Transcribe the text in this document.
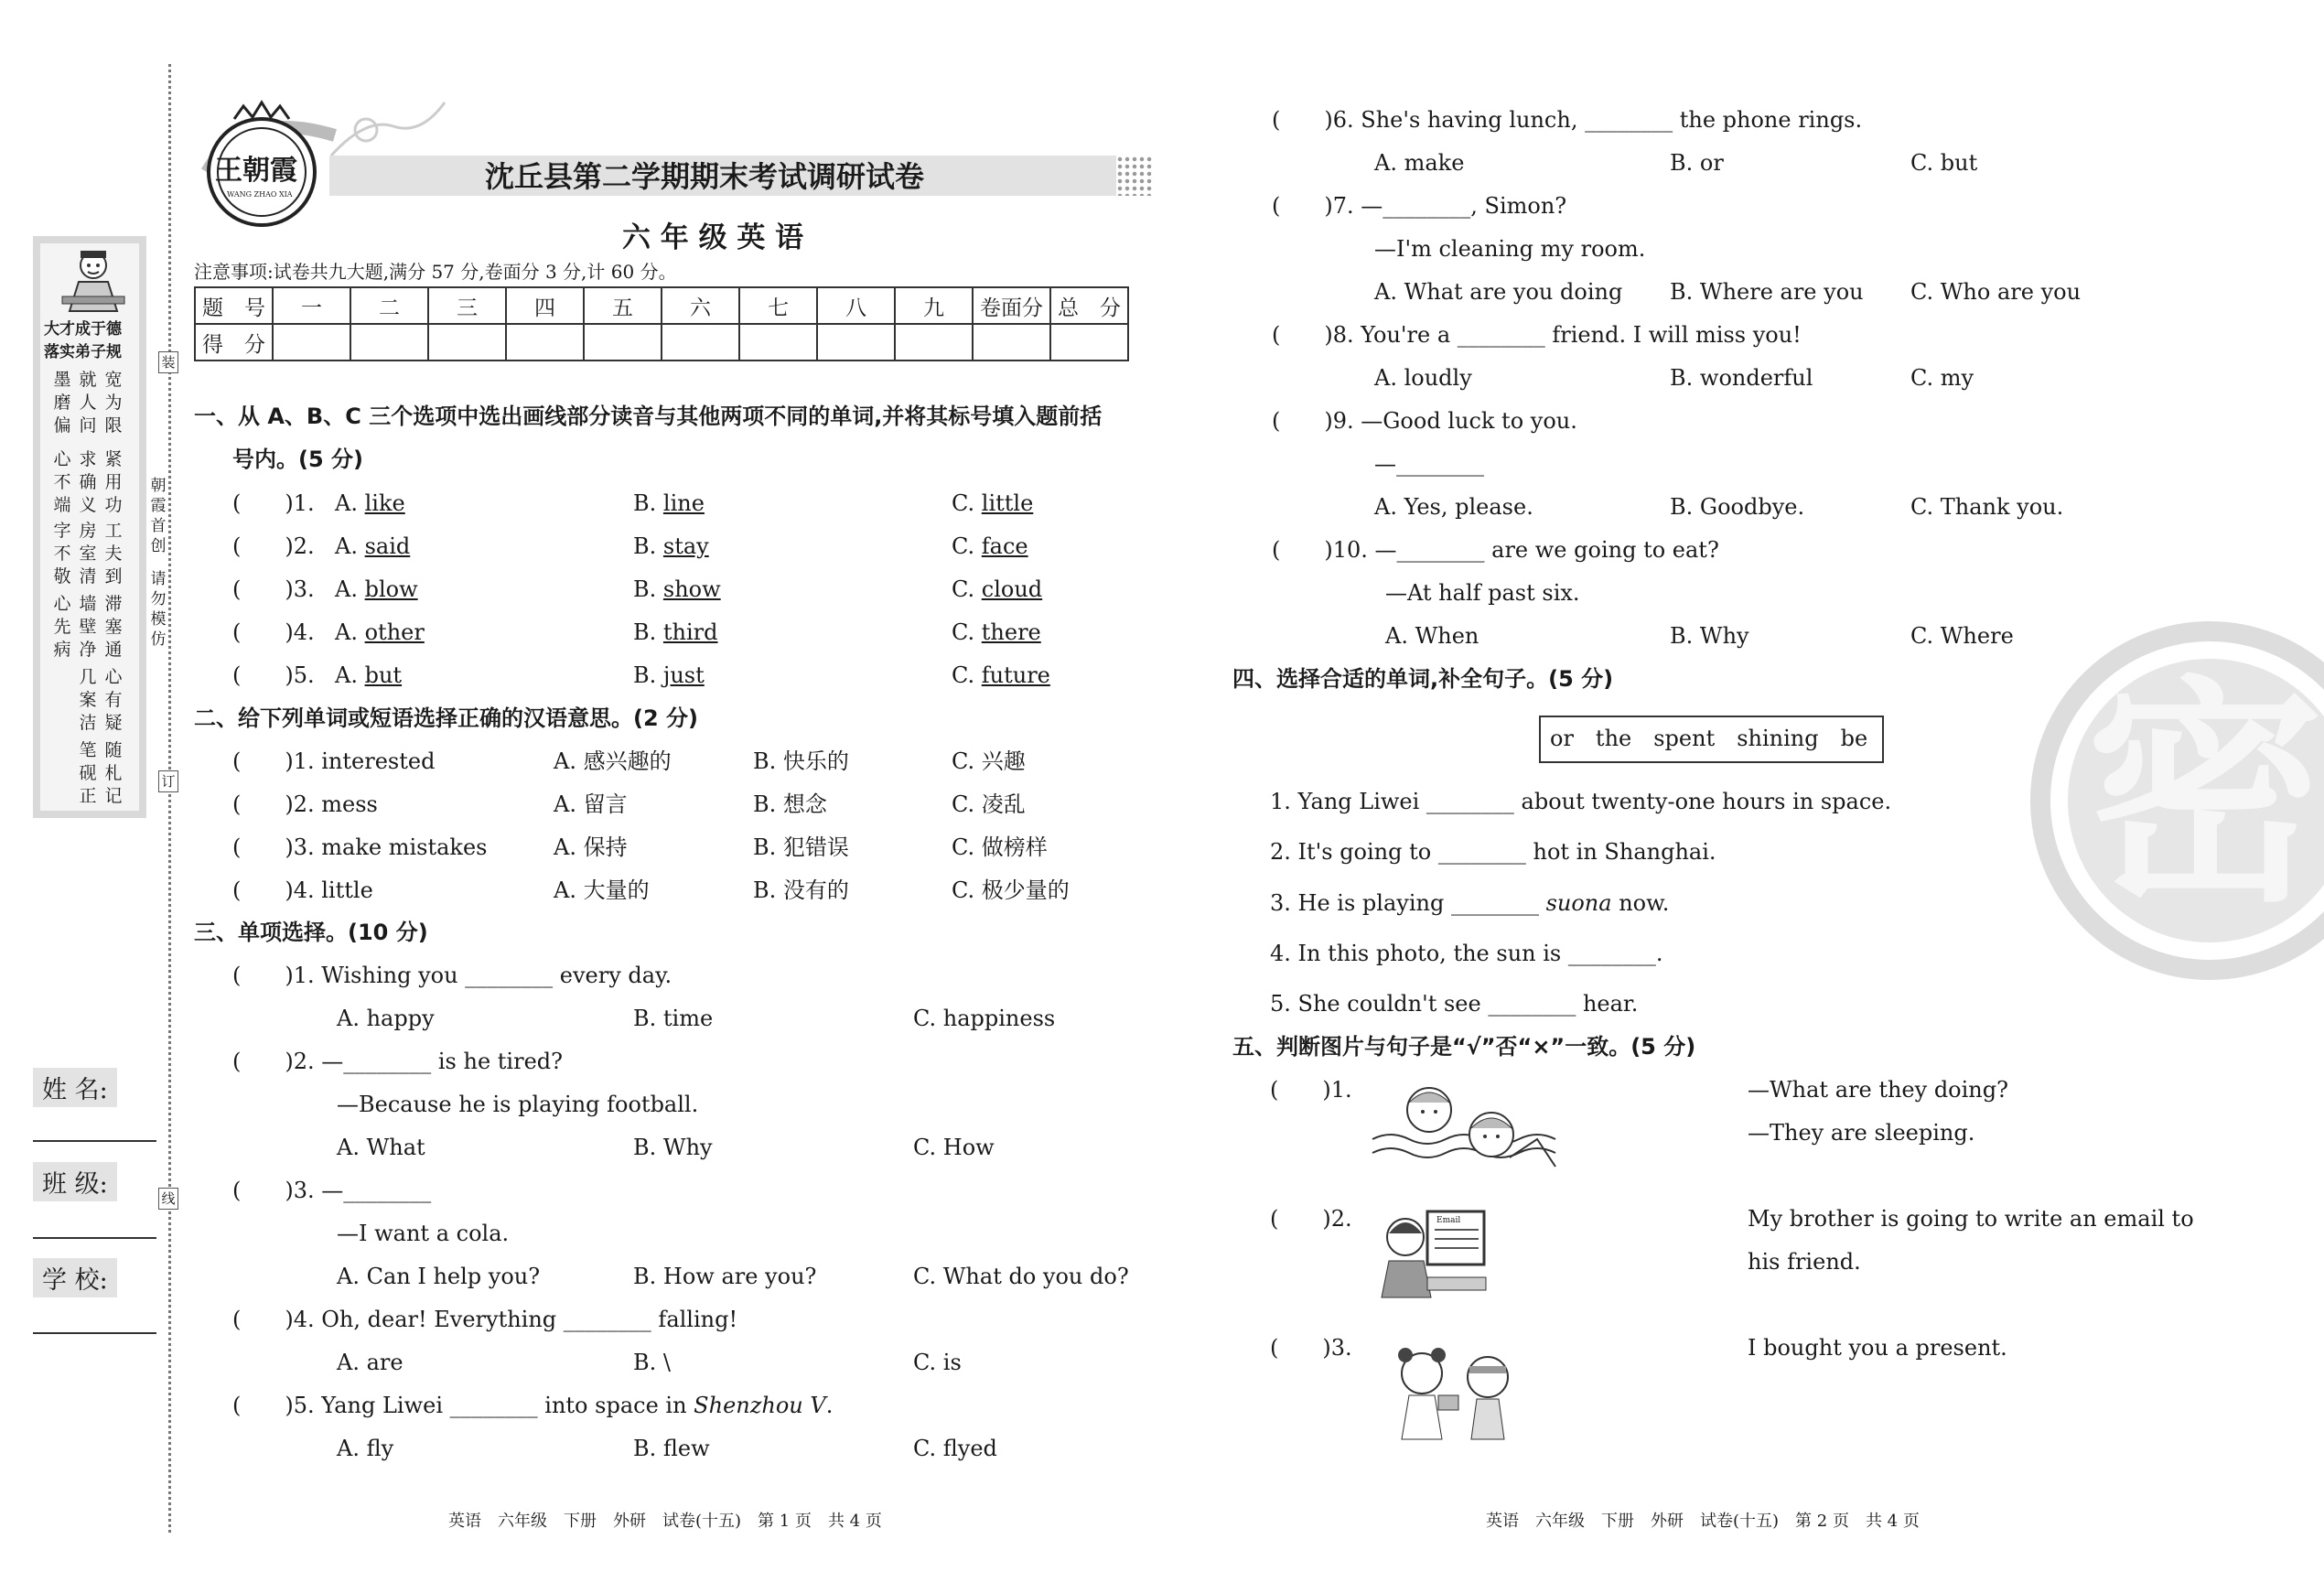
大才成于德
落实弟子规
墨磨偏
就人问
宽为限
心不端
求确义
紧用功
字不敬
房室清
工夫到
心先病
墙壁净
滞塞通
几案洁
心有疑
笔砚正
随札记
装
订
线
朝霞首创
请勿模仿
姓 名:
班 级:
学 校:
王朝霞
WANG ZHAO XIA
沈丘县第二学期期末考试调研试卷
六 年 级 英 语
注意事项:试卷共九大题,满分 57 分,卷面分 3 分,计 60 分。
题　号	一	二	三	四	五	六	七	八	九	卷面分	总　分
得　分											
一、从 A、B、C 三个选项中选出画线部分读音与其他两项不同的单词,并将其标号填入题前括
号内。(5 分)
(　　)1. A. like	B. line	C. little
(　　)2. A. said	B. stay	C. face
(　　)3. A. blow	B. show	C. cloud
(　　)4. A. other	B. third	C. there
(　　)5. A. but	B. just	C. future
二、给下列单词或短语选择正确的汉语意思。(2 分)
(　　)1. interested	A. 感兴趣的	B. 快乐的	C. 兴趣
(　　)2. mess	A. 留言	B. 想念	C. 凌乱
(　　)3. make mistakes	A. 保持	B. 犯错误	C. 做榜样
(　　)4. little	A. 大量的	B. 没有的	C. 极少量的
三、单项选择。(10 分)
(　　)1. Wishing you ________ every day.
A. happy	B. time	C. happiness
(　　)2. —________ is he tired?
—Because he is playing football.
A. What	B. Why	C. How
(　　)3. —________
—I want a cola.
A. Can I help you?	B. How are you?	C. What do you do?
(　　)4. Oh, dear! Everything ________ falling!
A. are	B. \	C. is
(　　)5. Yang Liwei ________ into space in Shenzhou V.
A. fly	B. flew	C. flyed
英语　六年级　下册　外研　试卷(十五)　第 1 页　共 4 页
密
(　　)6. She's having lunch, ________ the phone rings.
A. make	B. or	C. but
(　　)7. —________, Simon?
—I'm cleaning my room.
A. What are you doing B. Where are you C. Who are you
(　　)8. You're a ________ friend. I will miss you!
A. loudly	B. wonderful	C. my
(　　)9. —Good luck to you.
—________
A. Yes, please.	B. Goodbye.	C. Thank you.
(　　)10. —________ are we going to eat?
—At half past six.
A. When	B. Why	C. Where
四、选择合适的单词,补全句子。(5 分)
or　the　spent　shining　be
1. Yang Liwei ________ about twenty-one hours in space.
2. It's going to ________ hot in Shanghai.
3. He is playing ________ suona now.
4. In this photo, the sun is ________.
5. She couldn't see ________ hear.
五、判断图片与句子是“√”否“×”一致。(5 分)
(　　)1.	—What are they doing?
—They are sleeping.
(　　)2.	Email	My brother is going to write an email to
his friend.
(　　)3.	I bought you a present.
英语　六年级　下册　外研　试卷(十五)　第 2 页　共 4 页
